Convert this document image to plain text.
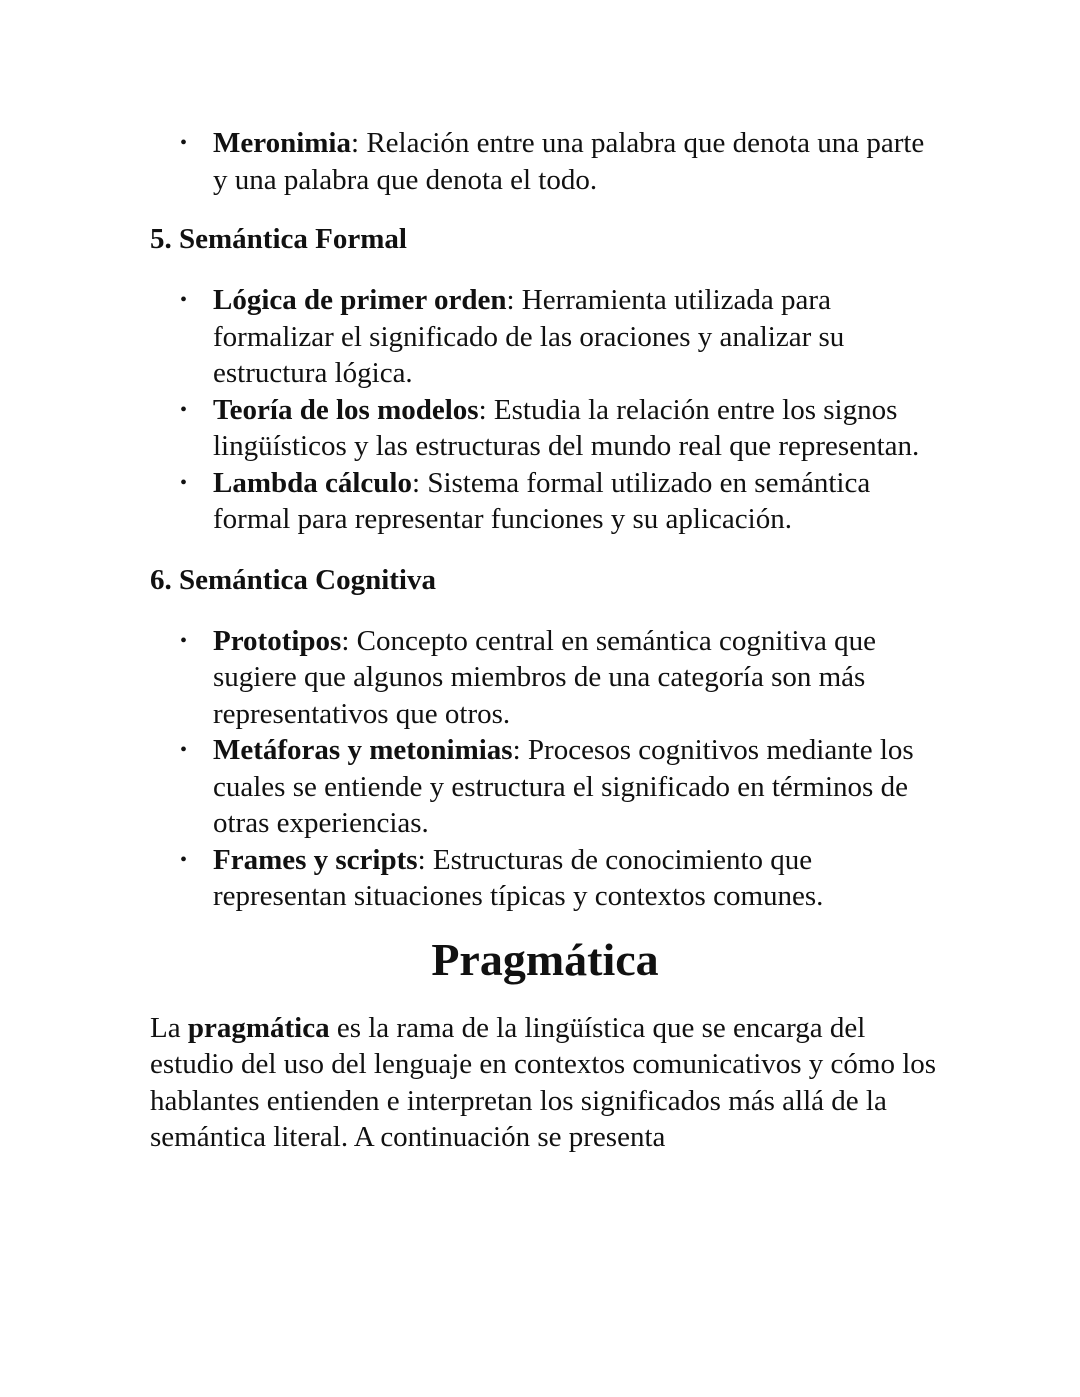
• Meronimia: Relación entre una palabra que denota una parte y una palabra que denota el todo.
5. Semántica Formal
• Lógica de primer orden: Herramienta utilizada para formalizar el significado de las oraciones y analizar su estructura lógica.
• Teoría de los modelos: Estudia la relación entre los signos lingüísticos y las estructuras del mundo real que representan.
• Lambda cálculo: Sistema formal utilizado en semántica formal para representar funciones y su aplicación.
6. Semántica Cognitiva
• Prototipos: Concepto central en semántica cognitiva que sugiere que algunos miembros de una categoría son más representativos que otros.
• Metáforas y metonimias: Procesos cognitivos mediante los cuales se entiende y estructura el significado en términos de otras experiencias.
• Frames y scripts: Estructuras de conocimiento que representan situaciones típicas y contextos comunes.
Pragmática

La pragmática es la rama de la lingüística que se encarga del estudio del uso del lenguaje en contextos comunicativos y cómo los hablantes entienden e interpretan los significados más allá de la semántica literal. A continuación se presenta
